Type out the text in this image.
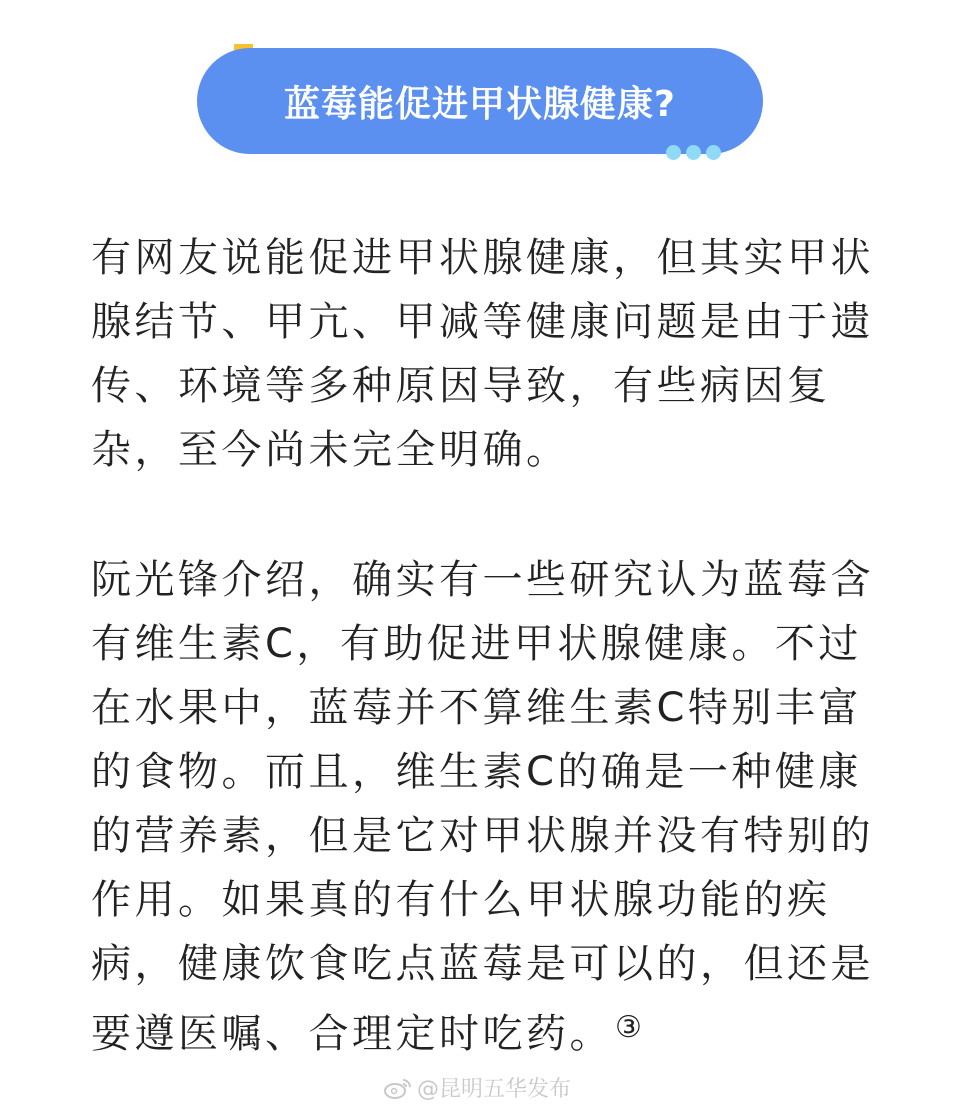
蓝莓能促进甲状腺健康?
有网友说能促进甲状腺健康，但其实甲状
腺结节、甲亢、甲减等健康问题是由于遗
传、环境等多种原因导致，有些病因复
杂，至今尚未完全明确。
阮光锋介绍，确实有一些研究认为蓝莓含
有维生素C，有助促进甲状腺健康。不过
在水果中，蓝莓并不算维生素C特别丰富
的食物。而且，维生素C的确是一种健康
的营养素，但是它对甲状腺并没有特别的
作用。如果真的有什么甲状腺功能的疾
病，健康饮食吃点蓝莓是可以的，但还是
要遵医嘱、合理定时吃药。③
@昆明五华发布
